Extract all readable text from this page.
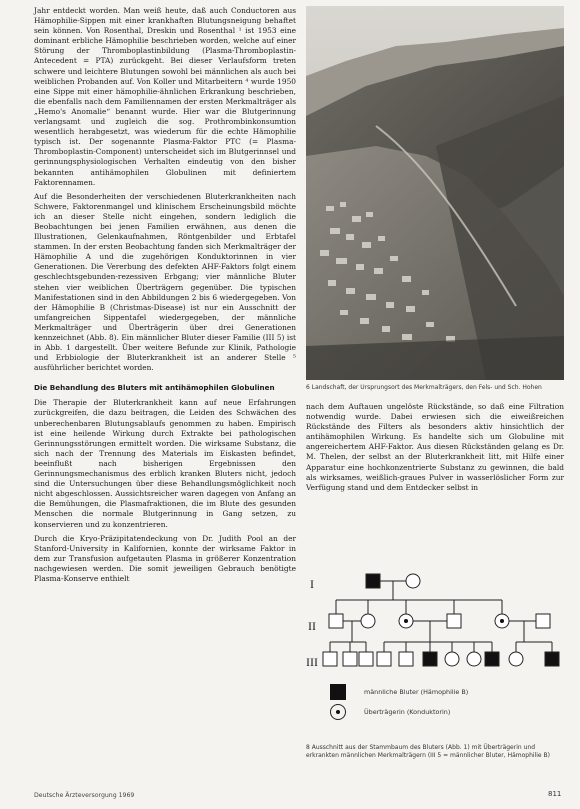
Jahr entdeckt worden. Man weiß heute, daß auch Conductoren aus Hämophilie-Sippen mit einer krankhaften Blutungsneigung behaftet sein können. Von Rosenthal, Dreskin und Rosenthal ¹ ist 1953 eine dominant erbliche Hämophilie beschrieben worden, welche auf einer Störung der Thromboplastinbildung (Plasma-Thromboplastin-Antecedent = PTA) zurückgeht. Bei dieser Verlaufsform treten schwere und leichtere Blutungen sowohl bei männlichen als auch bei weiblichen Probanden auf. Von Koller und Mitarbeitern ⁴ wurde 1950 eine Sippe mit einer hämophilie-ähnlichen Erkrankung beschrieben, die ebenfalls nach dem Familiennamen der ersten Merkmalträger als „Hemo's Anomalie“ benannt wurde. Hier war die Blutgerinnung verlangsamt und zugleich die sog. Prothrombinkonsumtion wesentlich herabgesetzt, was wiederum für die echte Hämophilie typisch ist. Der sogenannte Plasma-Faktor PTC (= Plasma-Thromboplastin-Component) unterscheidet sich im Blutgerinnsel und gerinnungsphysiologischen Verhalten eindeutig von den bisher bekannten antihämophilen Globulinen mit definiertem Faktorennamen.

Auf die Besonderheiten der verschiedenen Bluterkrankheiten nach Schwere, Faktorenmangel und klinischem Erscheinungsbild möchte ich an dieser Stelle nicht eingehen, sondern lediglich die Beobachtungen bei jenen Familien erwähnen, aus denen die Illustrationen, Gelenkaufnahmen, Röntgenbilder und Erbtafel stammen. In der ersten Beobachtung fanden sich Merkmalträger der Hämophilie A und die zugehörigen Konduktorinnen in vier Generationen. Die Vererbung des defekten AHF-Faktors folgt einem geschlechtsgebunden-rezessiven Erbgang; vier männliche Bluter stehen vier weiblichen Überträgern gegenüber. Die typischen Manifestationen sind in den Abbildungen 2 bis 6 wiedergegeben. Von der Hämophilie B (Christmas-Disease) ist nur ein Ausschnitt der umfangreichen Sippentafel wiedergegeben, der männliche Merkmalträger und Überträgerin über drei Generationen kennzeichnet (Abb. 8). Ein männlicher Bluter dieser Familie (III 5) ist in Abb. 1 dargestellt. Über weitere Befunde zur Klinik, Pathologie und Erbbiologie der Bluterkrankheit ist an anderer Stelle ⁵ ausführlicher berichtet worden.

Die Behandlung des Bluters mit antihämophilen Globulinen

Die Therapie der Bluterkrankheit kann auf neue Erfahrungen zurückgreifen, die dazu beitragen, die Leiden des Schwächen des unberechenbaren Blutungsablaufs genommen zu haben. Empirisch ist eine heilende Wirkung durch Extrakte bei pathologischen Gerinnungsstörungen ermittelt worden. Die wirksame Substanz, die sich nach der Trennung des Materials im Eiskasten befindet, beeinflußt nach bisherigen Ergebnissen den Gerinnungsmechanismus des erblich kranken Bluters nicht, jedoch sind die Untersuchungen über diese Behandlungsmöglichkeit noch nicht abgeschlossen. Aussichtsreicher waren dagegen von Anfang an die Bemühungen, die Plasmafraktionen, die im Blute des gesunden Menschen die normale Blutgerinnung in Gang setzen, zu konservieren und zu konzentrieren.

Durch die Kryo-Präzipitatendeckung von Dr. Judith Pool an der Stanford-University in Kalifornien, konnte der wirksame Faktor in dem zur Transfusion aufgetauten Plasma in größerer Konzentration nachgewiesen werden. Die somit jeweiligen Gebrauch benötigte Plasma-Konserve enthielt

6 Landschaft, der Ursprungsort des Merkmalträgers, den Fels- und Sch. Hohen

nach dem Auftauen ungelöste Rückstände, so daß eine Filtration notwendig wurde. Dabei erwiesen sich die eiweißreichen Rückstände des Filters als besonders aktiv hinsichtlich der antihämophilen Wirkung. Es handelte sich um Globuline mit angereichertem AHF-Faktor. Aus diesen Rückständen gelang es Dr. M. Thelen, der selbst an der Bluterkrankheit litt, mit Hilfe einer Apparatur eine hochkonzentrierte Substanz zu gewinnen, die bald als wirksames, weißlich-graues Pulver in wasserlöslicher Form zur Verfügung stand und dem Entdecker selbst in

I
II
III
männliche Bluter (Hämophilie B)
Überträgerin (Konduktorin)
8 Ausschnitt aus der Stammbaum des Bluters (Abb. 1) mit Überträgerin und erkrankten männlichen Merkmalträgern (III 5 = männlicher Bluter, Hämophilie B)
Deutsche Ärzteversorgung 1969	811
